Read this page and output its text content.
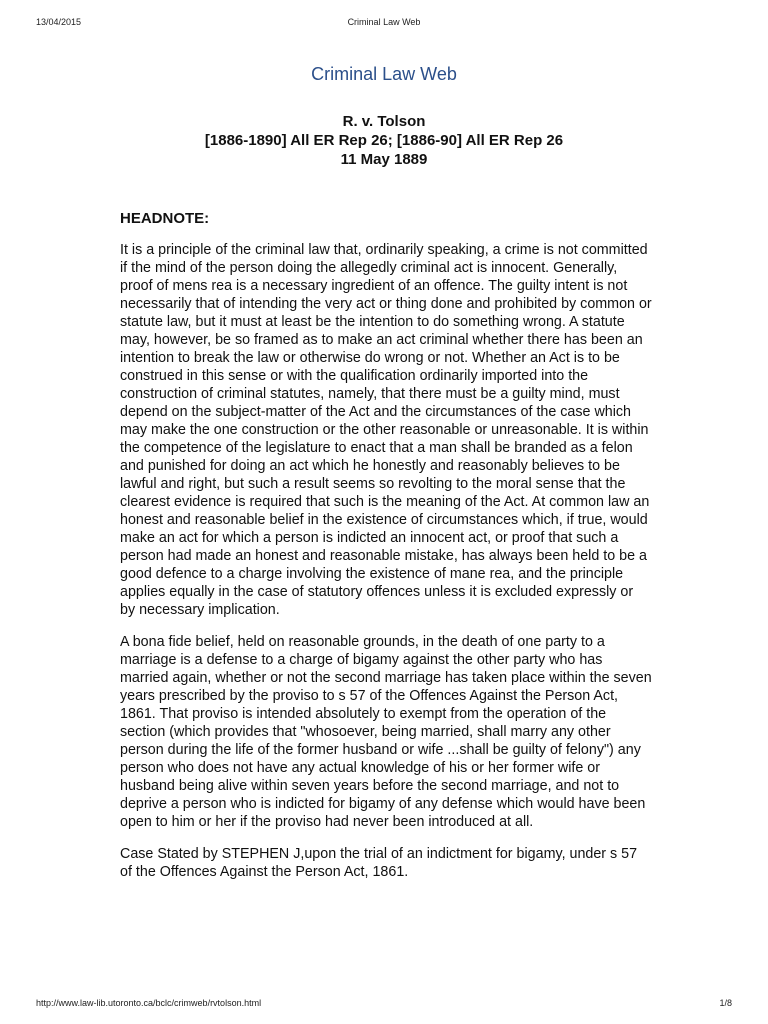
13/04/2015	Criminal Law Web
Criminal Law Web
R. v. Tolson
[1886-1890] All ER Rep 26; [1886-90] All ER Rep 26
11 May 1889
HEADNOTE:

It is a principle of the criminal law that, ordinarily speaking, a crime is not committed if the mind of the person doing the allegedly criminal act is innocent. Generally, proof of mens rea is a necessary ingredient of an offence. The guilty intent is not necessarily that of intending the very act or thing done and prohibited by common or statute law, but it must at least be the intention to do something wrong. A statute may, however, be so framed as to make an act criminal whether there has been an intention to break the law or otherwise do wrong or not. Whether an Act is to be construed in this sense or with the qualification ordinarily imported into the construction of criminal statutes, namely, that there must be a guilty mind, must depend on the subject-matter of the Act and the circumstances of the case which may make the one construction or the other reasonable or unreasonable. It is within the competence of the legislature to enact that a man shall be branded as a felon and punished for doing an act which he honestly and reasonably believes to be lawful and right, but such a result seems so revolting to the moral sense that the clearest evidence is required that such is the meaning of the Act. At common law an honest and reasonable belief in the existence of circumstances which, if true, would make an act for which a person is indicted an innocent act, or proof that such a person had made an honest and reasonable mistake, has always been held to be a good defence to a charge involving the existence of mane rea, and the principle applies equally in the case of statutory offences unless it is excluded expressly or by necessary implication.

A bona fide belief, held on reasonable grounds, in the death of one party to a marriage is a defense to a charge of bigamy against the other party who has married again, whether or not the second marriage has taken place within the seven years prescribed by the proviso to s 57 of the Offences Against the Person Act, 1861. That proviso is intended absolutely to exempt from the operation of the section (which provides that "whosoever, being married, shall marry any other person during the life of the former husband or wife ...shall be guilty of felony") any person who does not have any actual knowledge of his or her former wife or husband being alive within seven years before the second marriage, and not to deprive a person who is indicted for bigamy of any defense which would have been open to him or her if the proviso had never been introduced at all.

Case Stated by STEPHEN J,upon the trial of an indictment for bigamy, under s 57 of the Offences Against the Person Act, 1861.

http://www.law-lib.utoronto.ca/bclc/crimweb/rvtolson.html	1/8
